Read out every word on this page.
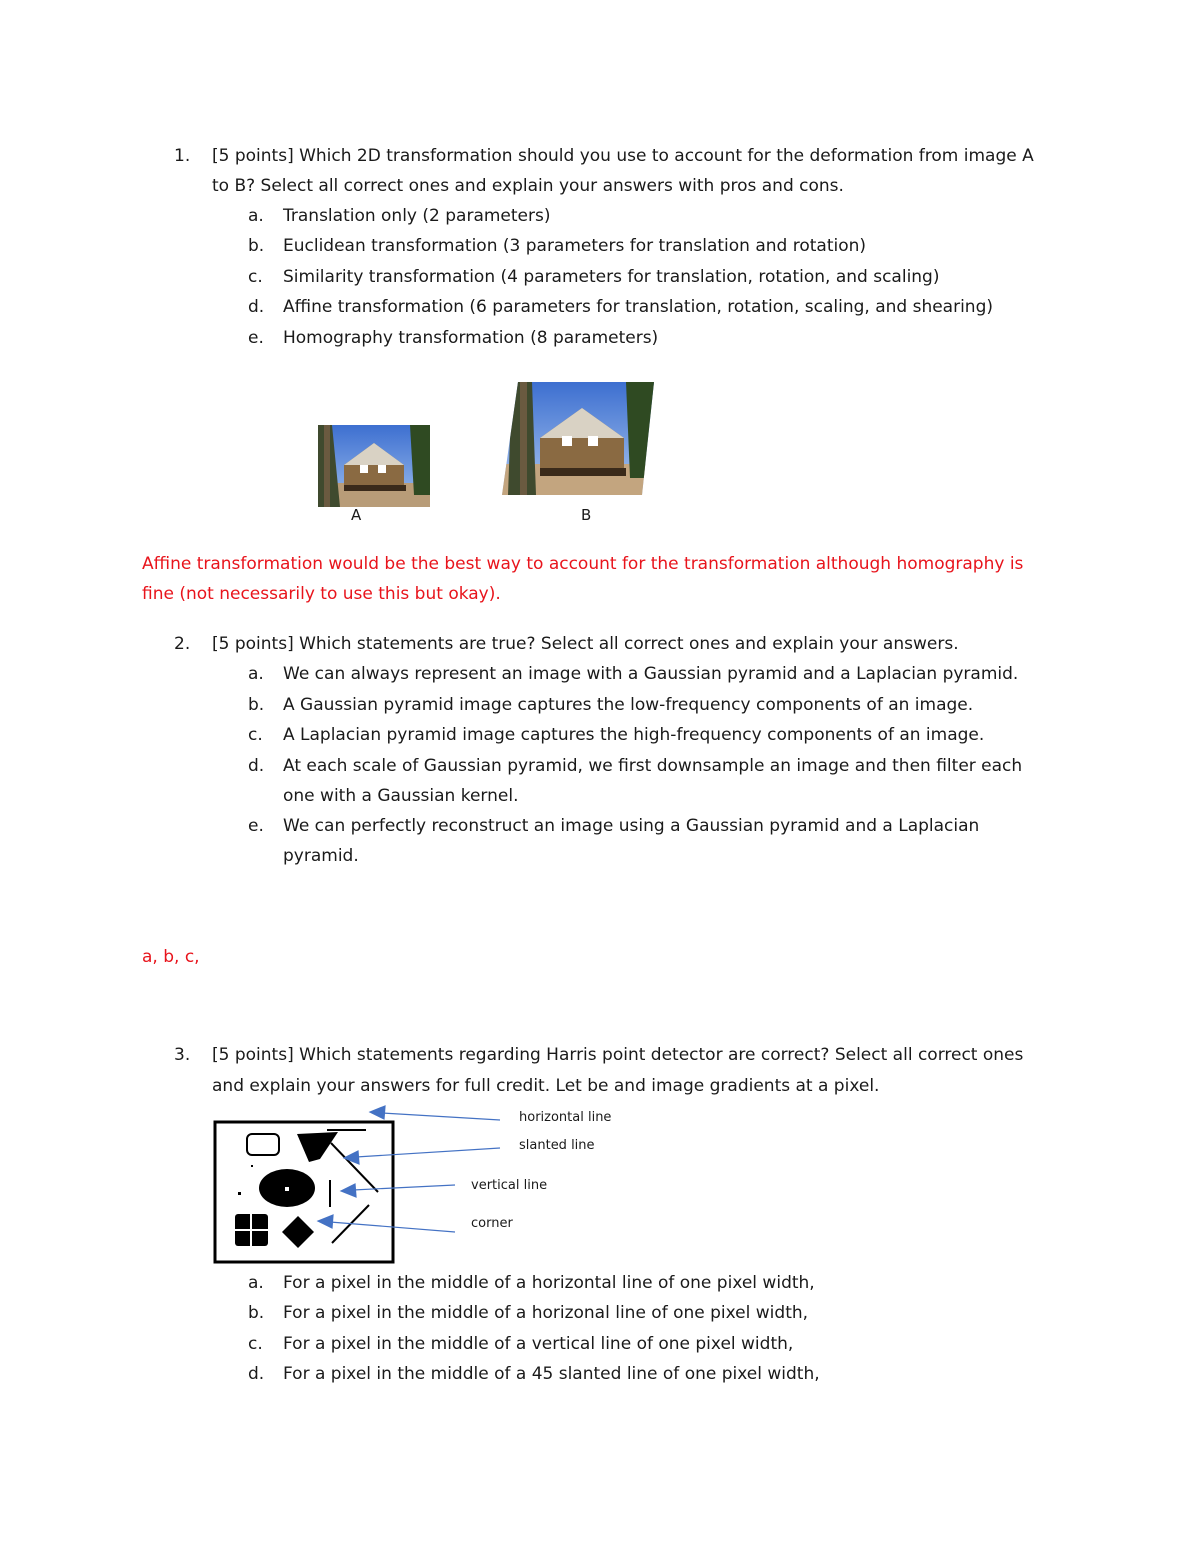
1. [5 points] Which 2D transformation should you use to account for the deformation from image A
to B? Select all correct ones and explain your answers with pros and cons.
a. Translation only (2 parameters)
b. Euclidean transformation (3 parameters for translation and rotation)
c. Similarity transformation (4 parameters for translation, rotation, and scaling)
d. Affine transformation (6 parameters for translation, rotation, scaling, and shearing)
e. Homography transformation (8 parameters)
A	B
Affine transformation would be the best way to account for the transformation although homography is
fine (not necessarily to use this but okay).
2. [5 points] Which statements are true? Select all correct ones and explain your answers.
a. We can always represent an image with a Gaussian pyramid and a Laplacian pyramid.
b. A Gaussian pyramid image captures the low-frequency components of an image.
c. A Laplacian pyramid image captures the high-frequency components of an image.
d. At each scale of Gaussian pyramid, we first downsample an image and then filter each
one with a Gaussian kernel.
e. We can perfectly reconstruct an image using a Gaussian pyramid and a Laplacian
pyramid.
a, b, c,
3. [5 points] Which statements regarding Harris point detector are correct? Select all correct ones
and explain your answers for full credit. Let be and image gradients at a pixel.
horizontal line
slanted line
vertical line
corner
a. For a pixel in the middle of a horizontal line of one pixel width,
b. For a pixel in the middle of a horizonal line of one pixel width,
c. For a pixel in the middle of a vertical line of one pixel width,
d. For a pixel in the middle of a 45 slanted line of one pixel width,
